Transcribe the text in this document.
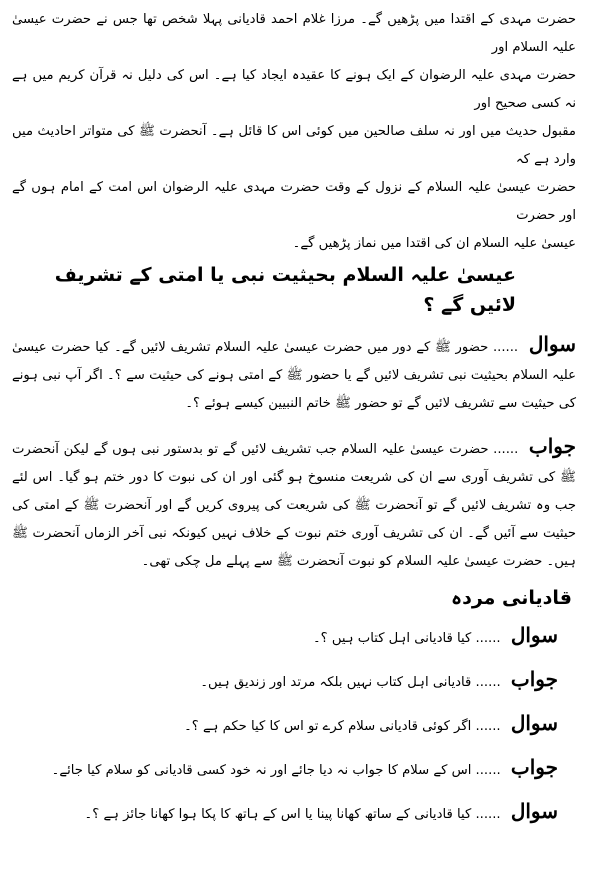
حضرت مہدی کے اقتدا میں پڑھیں گے۔ مرزا غلام احمد قادیانی پہلا شخص تھا جس نے حضرت عیسیٰ علیہ السلام اور
حضرت مہدی علیہ الرضوان کے ایک ہونے کا عقیدہ ایجاد کیا ہے۔ اس کی دلیل نہ قرآن کریم میں ہے نہ کسی صحیح اور
مقبول حدیث میں اور نہ سلف صالحین میں کوئی اس کا قائل ہے۔ آنحضرت ﷺ کی متواتر احادیث میں وارد ہے کہ
حضرت عیسیٰ علیہ السلام کے نزول کے وقت حضرت مہدی علیہ الرضوان اس امت کے امام ہوں گے اور حضرت
عیسیٰ علیہ السلام ان کی اقتدا میں نماز پڑھیں گے۔
عیسیٰ علیہ السلام بحیثیت نبی یا امتی کے تشریف لائیں گے ؟
سوال ...... حضور ﷺ کے دور میں حضرت عیسیٰ علیہ السلام تشریف لائیں گے۔ کیا حضرت عیسیٰ علیہ السلام بحیثیت نبی تشریف لائیں گے یا حضور ﷺ کے امتی ہونے کی حیثیت سے ؟۔ اگر آپ نبی ہونے کی حیثیت سے تشریف لائیں گے تو حضور ﷺ خاتم النبیین کیسے ہوئے ؟۔
جواب ...... حضرت عیسیٰ علیہ السلام جب تشریف لائیں گے تو بدستور نبی ہوں گے لیکن آنحضرت ﷺ کی تشریف آوری سے ان کی شریعت منسوخ ہو گئی اور ان کی نبوت کا دور ختم ہو گیا۔ اس لئے جب وہ تشریف لائیں گے تو آنحضرت ﷺ کی شریعت کی پیروی کریں گے اور آنحضرت ﷺ کے امتی کی حیثیت سے آئیں گے۔ ان کی تشریف آوری ختم نبوت کے خلاف نہیں کیونکہ نبی آخر الزماں آنحضرت ﷺ ہیں۔ حضرت عیسیٰ علیہ السلام کو نبوت آنحضرت ﷺ سے پہلے مل چکی تھی۔
قادیانی مردہ
سوال ...... کیا قادیانی اہل کتاب ہیں ؟۔
جواب ...... قادیانی اہل کتاب نہیں بلکہ مرتد اور زندیق ہیں۔
سوال ...... اگر کوئی قادیانی سلام کرے تو اس کا کیا حکم ہے ؟۔
جواب ...... اس کے سلام کا جواب نہ دیا جائے اور نہ خود کسی قادیانی کو سلام کیا جائے۔
سوال ...... کیا قادیانی کے ساتھ کھانا پینا یا اس کے ہاتھ کا پکا ہوا کھانا جائز ہے ؟۔
